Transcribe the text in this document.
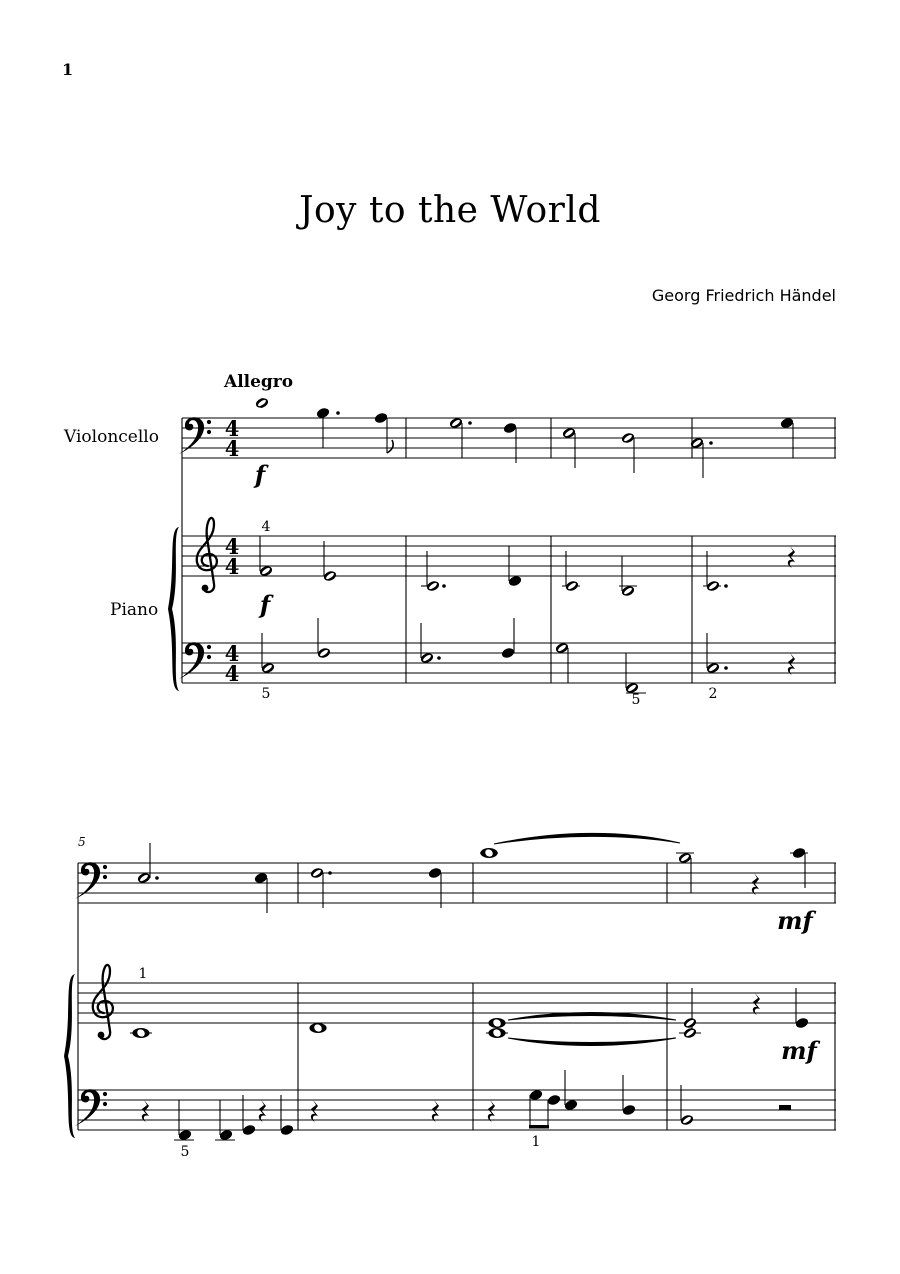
1
Joy to the World
Georg Friedrich Händel
Allegro
Violoncello
Piano
4
4
4
4
4
4
f
f
mf
mf
4
5	5	2
1
5
1
5
